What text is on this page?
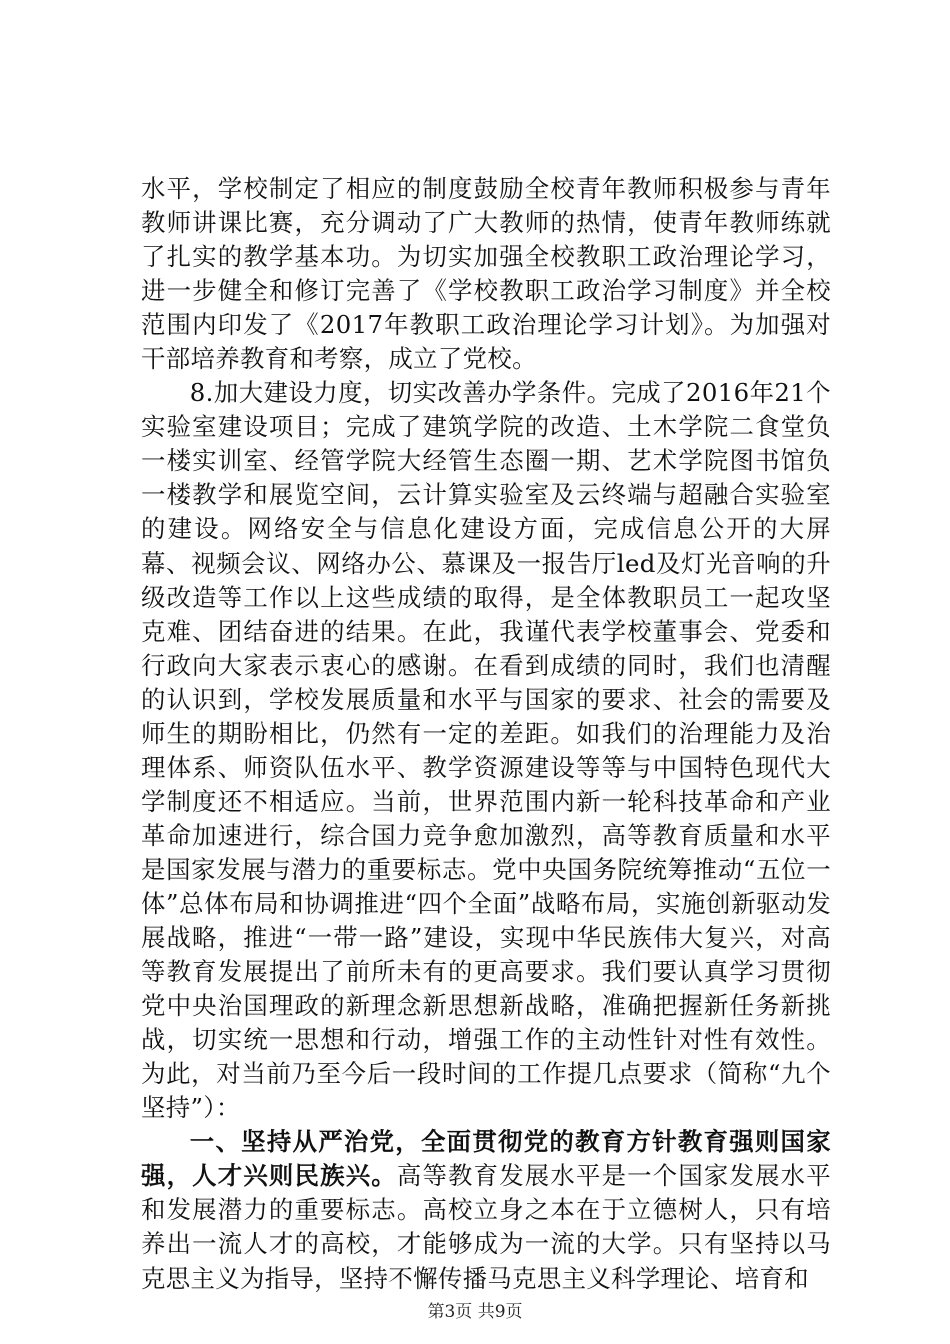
水平，学校制定了相应的制度鼓励全校青年教师积极参与青年教师讲课比赛，充分调动了广大教师的热情，使青年教师练就了扎实的教学基本功。为切实加强全校教职工政治理论学习，进一步健全和修订完善了《学校教职工政治学习制度》并全校范围内印发了《2017年教职工政治理论学习计划》。为加强对干部培养教育和考察，成立了党校。

8.加大建设力度，切实改善办学条件。完成了2016年21个实验室建设项目；完成了建筑学院的改造、土木学院二食堂负一楼实训室、经管学院大经管生态圈一期、艺术学院图书馆负一楼教学和展览空间，云计算实验室及云终端与超融合实验室的建设。网络安全与信息化建设方面，完成信息公开的大屏幕、视频会议、网络办公、慕课及一报告厅led及灯光音响的升级改造等工作以上这些成绩的取得，是全体教职员工一起攻坚克难、团结奋进的结果。在此，我谨代表学校董事会、党委和行政向大家表示衷心的感谢。在看到成绩的同时，我们也清醒的认识到，学校发展质量和水平与国家的要求、社会的需要及师生的期盼相比，仍然有一定的差距。如我们的治理能力及治理体系、师资队伍水平、教学资源建设等等与中国特色现代大学制度还不相适应。当前，世界范围内新一轮科技革命和产业革命加速进行，综合国力竞争愈加激烈，高等教育质量和水平是国家发展与潜力的重要标志。党中央国务院统筹推动“五位一体”总体布局和协调推进“四个全面”战略布局，实施创新驱动发展战略，推进“一带一路”建设，实现中华民族伟大复兴，对高等教育发展提出了前所未有的更高要求。我们要认真学习贯彻党中央治国理政的新理念新思想新战略，准确把握新任务新挑战，切实统一思想和行动，增强工作的主动性针对性有效性。为此，对当前乃至今后一段时间的工作提几点要求（简称“九个坚持”）：

一、坚持从严治党，全面贯彻党的教育方针教育强则国家强，人才兴则民族兴。高等教育发展水平是一个国家发展水平和发展潜力的重要标志。高校立身之本在于立德树人，只有培养出一流人才的高校，才能够成为一流的大学。只有坚持以马克思主义为指导，坚持不懈传播马克思主义科学理论、培育和

第3页 共9页
